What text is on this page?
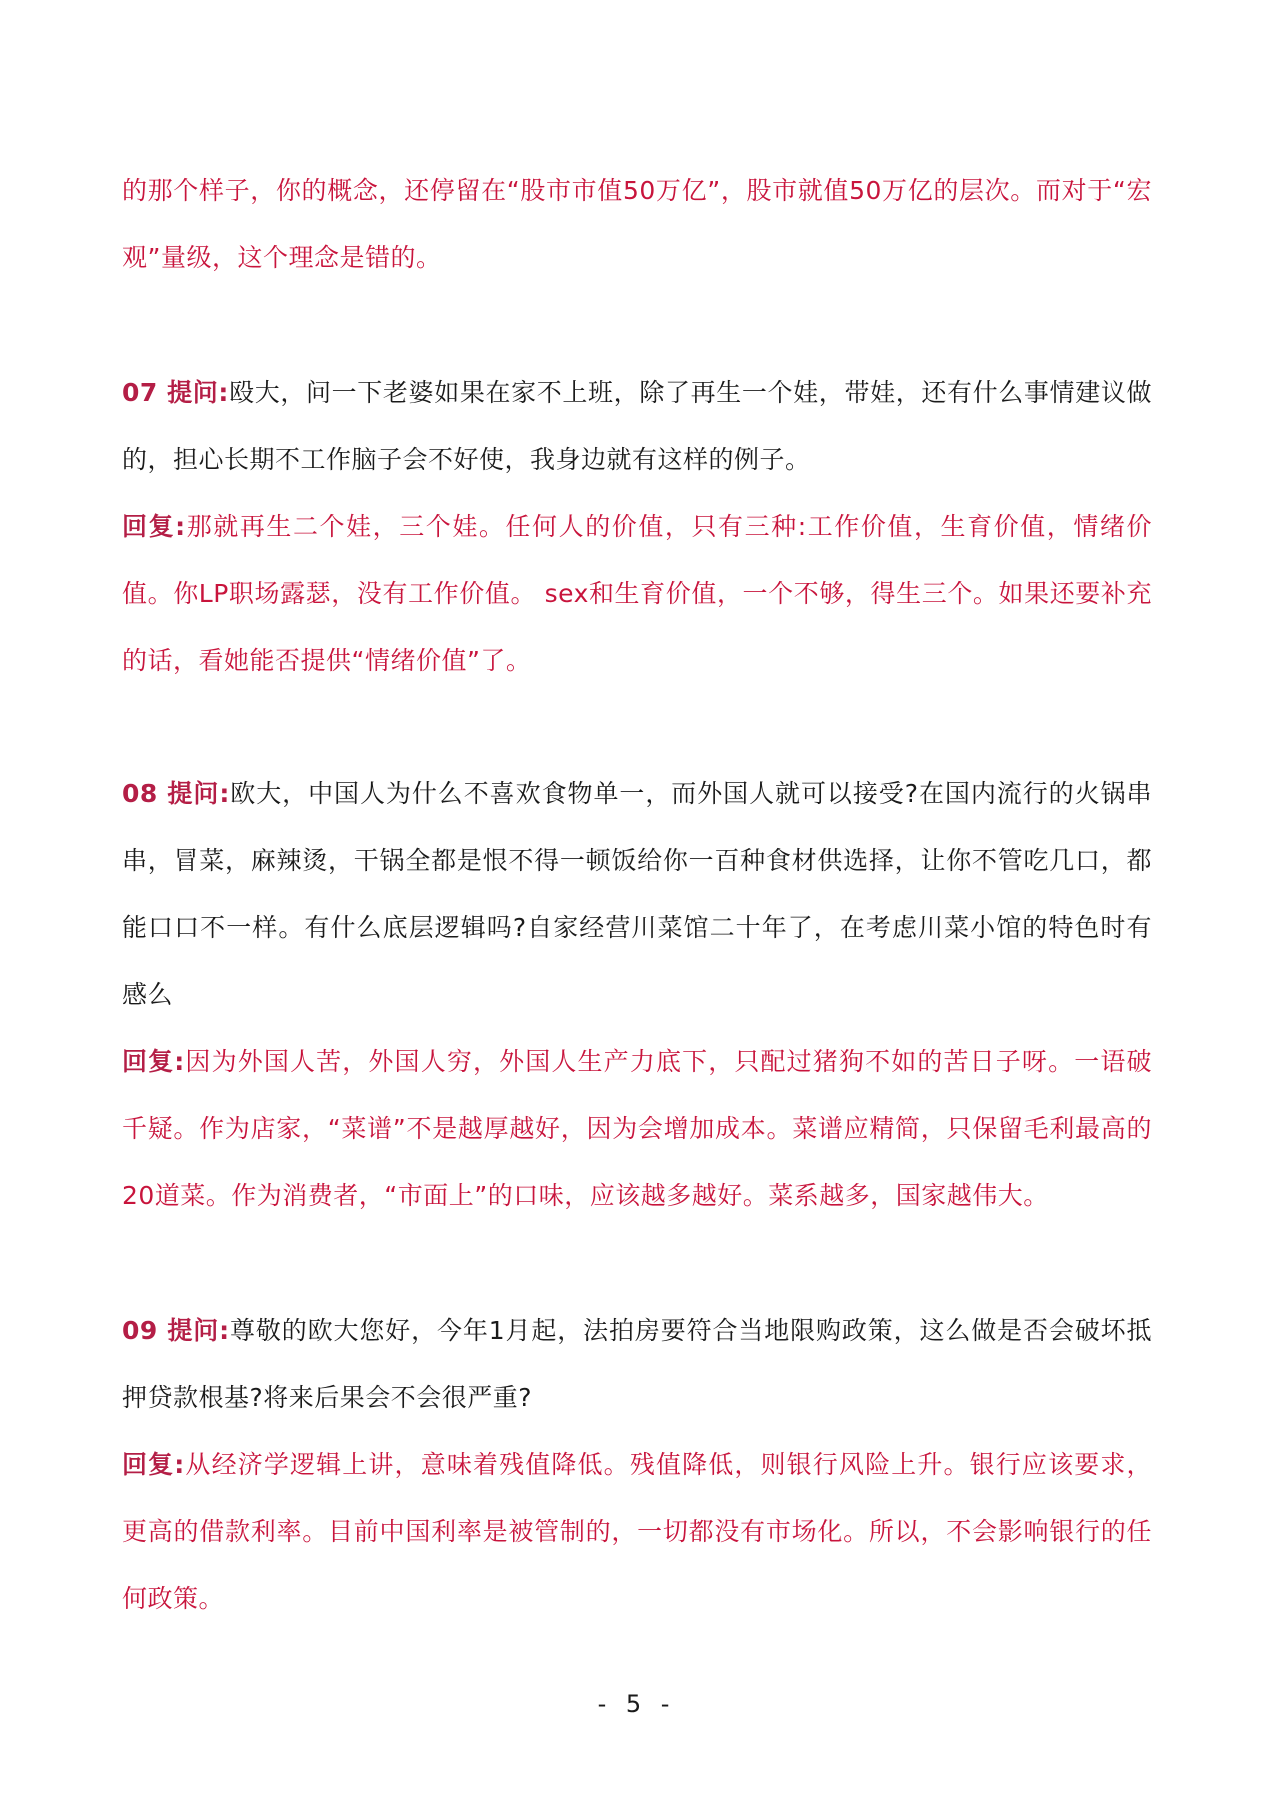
的那个样子，你的概念，还停留在“股市市值50万亿”，股市就值50万亿的层次。而对于“宏观”量级，这个理念是错的。

07 提问:殴大，问一下老婆如果在家不上班，除了再生一个娃，带娃，还有什么事情建议做的，担心长期不工作脑子会不好使，我身边就有这样的例子。

回复:那就再生二个娃，三个娃。任何人的价值，只有三种:工作价值，生育价值，情绪价值。你LP职场露瑟，没有工作价值。 sex和生育价值，一个不够，得生三个。如果还要补充的话，看她能否提供“情绪价值”了。

08 提问:欧大，中国人为什么不喜欢食物单一，而外国人就可以接受?在国内流行的火锅串串，冒菜，麻辣烫，干锅全都是恨不得一顿饭给你一百种食材供选择，让你不管吃几口，都能口口不一样。有什么底层逻辑吗?自家经营川菜馆二十年了，在考虑川菜小馆的特色时有感么

回复:因为外国人苦，外国人穷，外国人生产力底下，只配过猪狗不如的苦日子呀。一语破千疑。作为店家，“菜谱”不是越厚越好，因为会增加成本。菜谱应精简，只保留毛利最高的20道菜。作为消费者，“市面上”的口味，应该越多越好。菜系越多，国家越伟大。

09 提问:尊敬的欧大您好，今年1月起，法拍房要符合当地限购政策，这么做是否会破坏抵押贷款根基?将来后果会不会很严重?

回复:从经济学逻辑上讲，意味着残值降低。残值降低，则银行风险上升。银行应该要求，更高的借款利率。目前中国利率是被管制的，一切都没有市场化。所以，不会影响银行的任何政策。

- 5 -
